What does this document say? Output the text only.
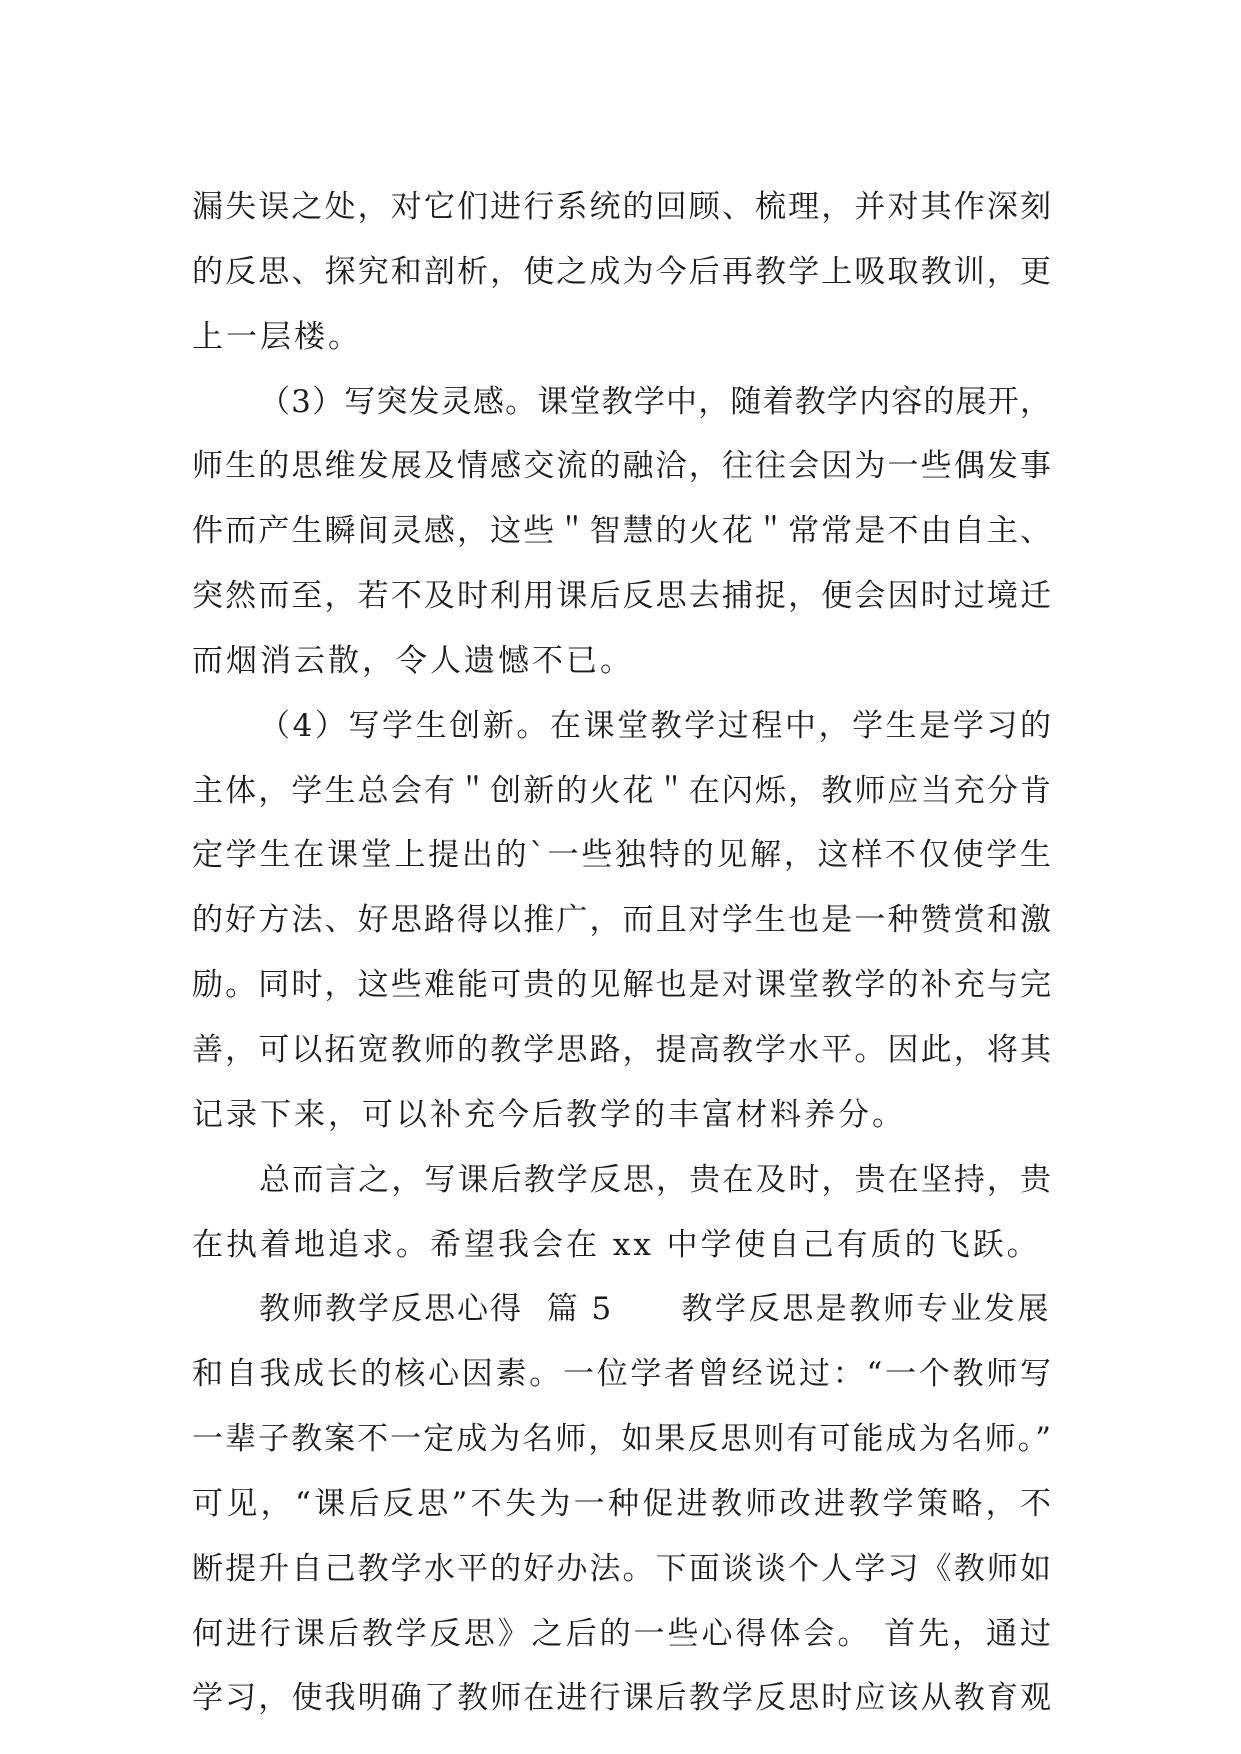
漏失误之处，对它们进行系统的回顾、梳理，并对其作深刻
的反思、探究和剖析，使之成为今后再教学上吸取教训，更
上一层楼。
（3）写突发灵感。课堂教学中，随着教学内容的展开，
师生的思维发展及情感交流的融洽，往往会因为一些偶发事
件而产生瞬间灵感，这些＂智慧的火花＂常常是不由自主、
突然而至，若不及时利用课后反思去捕捉，便会因时过境迁
而烟消云散，令人遗憾不已。
（4）写学生创新。在课堂教学过程中，学生是学习的
主体，学生总会有＂创新的火花＂在闪烁，教师应当充分肯
定学生在课堂上提出的`一些独特的见解，这样不仅使学生
的好方法、好思路得以推广，而且对学生也是一种赞赏和激
励。同时，这些难能可贵的见解也是对课堂教学的补充与完
善，可以拓宽教师的教学思路，提高教学水平。因此，将其
记录下来，可以补充今后教学的丰富材料养分。
总而言之，写课后教学反思，贵在及时，贵在坚持，贵
在执着地追求。希望我会在 xx 中学使自己有质的飞跃。
教师教学反思心得  篇 5 教学反思是教师专业发展
和自我成长的核心因素。一位学者曾经说过：“一个教师写
一辈子教案不一定成为名师，如果反思则有可能成为名师。”
可见，“课后反思”不失为一种促进教师改进教学策略，不
断提升自己教学水平的好办法。下面谈谈个人学习《教师如
何进行课后教学反思》之后的一些心得体会。 首先，通过
学习，使我明确了教师在进行课后教学反思时应该从教育观
